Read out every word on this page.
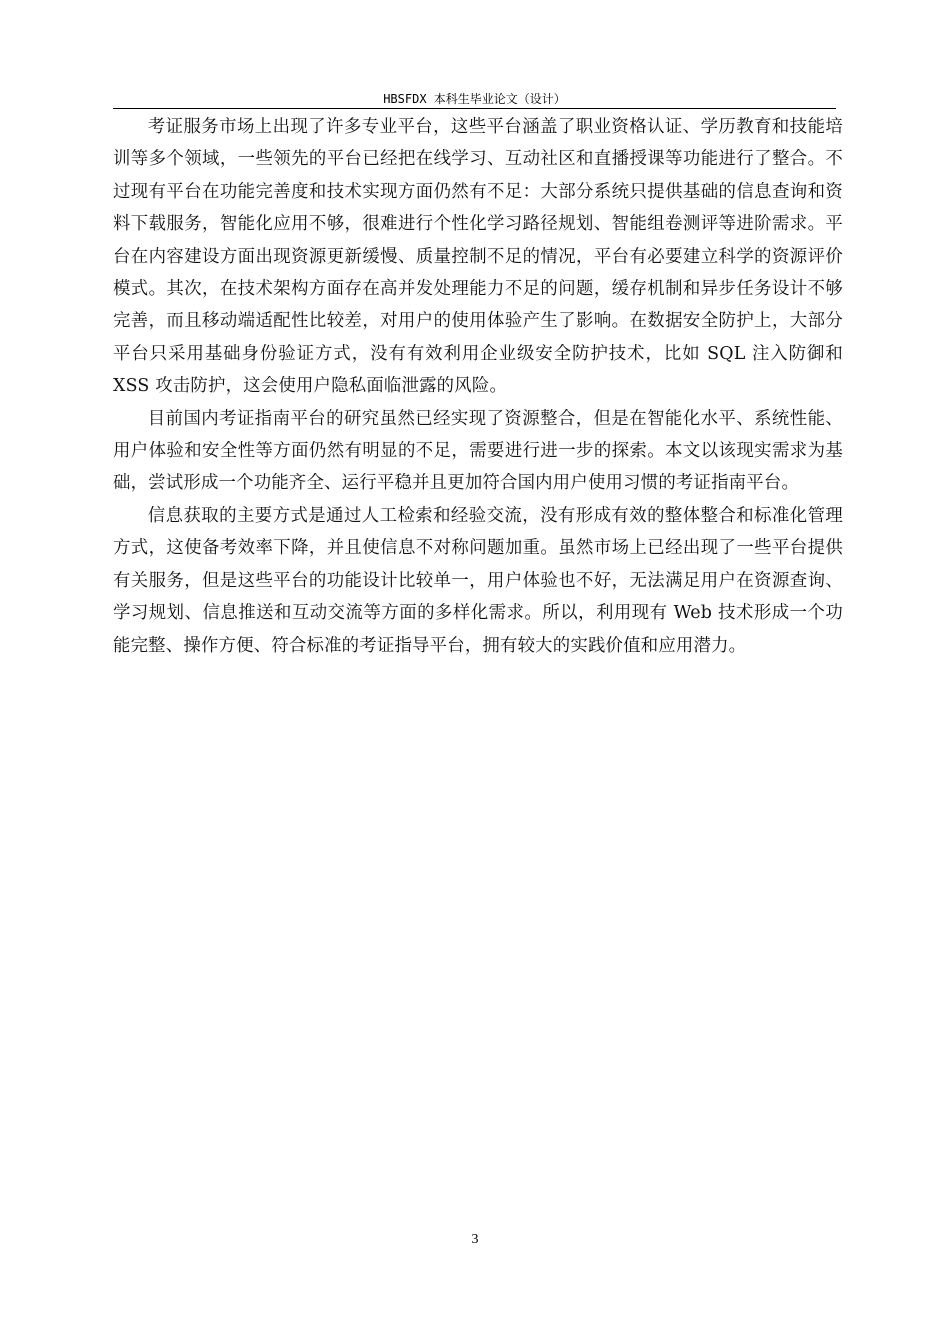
HBSFDX 本科生毕业论文（设计）

考证服务市场上出现了许多专业平台，这些平台涵盖了职业资格认证、学历教育和技能培训等多个领域，一些领先的平台已经把在线学习、互动社区和直播授课等功能进行了整合。不过现有平台在功能完善度和技术实现方面仍然有不足：大部分系统只提供基础的信息查询和资料下载服务，智能化应用不够，很难进行个性化学习路径规划、智能组卷测评等进阶需求。平台在内容建设方面出现资源更新缓慢、质量控制不足的情况，平台有必要建立科学的资源评价模式。其次，在技术架构方面存在高并发处理能力不足的问题，缓存机制和异步任务设计不够完善，而且移动端适配性比较差，对用户的使用体验产生了影响。在数据安全防护上，大部分平台只采用基础身份验证方式，没有有效利用企业级安全防护技术，比如 SQL 注入防御和 XSS 攻击防护，这会使用户隐私面临泄露的风险。

目前国内考证指南平台的研究虽然已经实现了资源整合，但是在智能化水平、系统性能、用户体验和安全性等方面仍然有明显的不足，需要进行进一步的探索。本文以该现实需求为基础，尝试形成一个功能齐全、运行平稳并且更加符合国内用户使用习惯的考证指南平台。

信息获取的主要方式是通过人工检索和经验交流，没有形成有效的整体整合和标准化管理方式，这使备考效率下降，并且使信息不对称问题加重。虽然市场上已经出现了一些平台提供有关服务，但是这些平台的功能设计比较单一，用户体验也不好，无法满足用户在资源查询、学习规划、信息推送和互动交流等方面的多样化需求。所以，利用现有 Web 技术形成一个功能完整、操作方便、符合标准的考证指导平台，拥有较大的实践价值和应用潜力。

3
